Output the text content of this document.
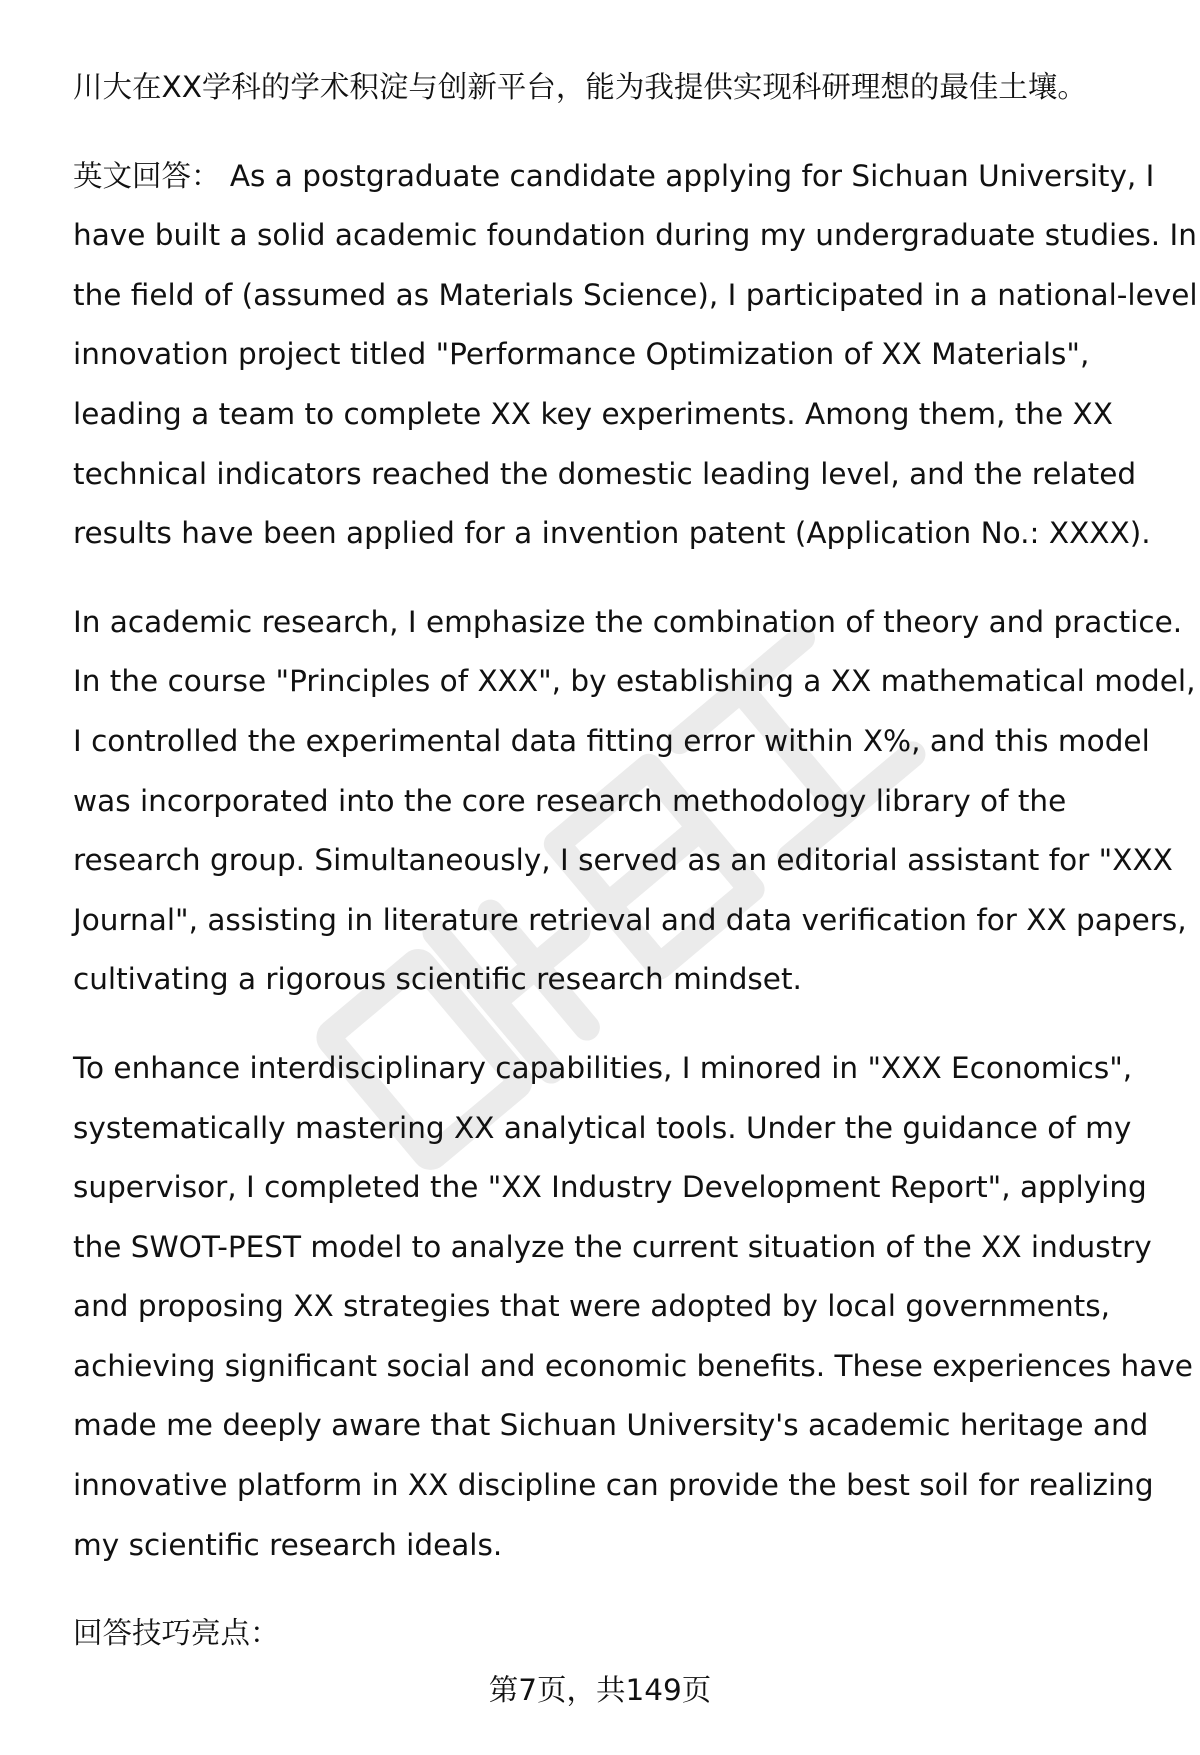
川大在XX学科的学术积淀与创新平台，能为我提供实现科研理想的最佳土壤。
英文回答： As a postgraduate candidate applying for Sichuan University, I
have built a solid academic foundation during my undergraduate studies. In
the field of (assumed as Materials Science), I participated in a national-level
innovation project titled "Performance Optimization of XX Materials",
leading a team to complete XX key experiments. Among them, the XX
technical indicators reached the domestic leading level, and the related
results have been applied for a invention patent (Application No.: XXXX).
In academic research, I emphasize the combination of theory and practice.
In the course "Principles of XXX", by establishing a XX mathematical model,
I controlled the experimental data fitting error within X%, and this model
was incorporated into the core research methodology library of the
research group. Simultaneously, I served as an editorial assistant for "XXX
Journal", assisting in literature retrieval and data verification for XX papers,
cultivating a rigorous scientific research mindset.
To enhance interdisciplinary capabilities, I minored in "XXX Economics",
systematically mastering XX analytical tools. Under the guidance of my
supervisor, I completed the "XX Industry Development Report", applying
the SWOT-PEST model to analyze the current situation of the XX industry
and proposing XX strategies that were adopted by local governments,
achieving significant social and economic benefits. These experiences have
made me deeply aware that Sichuan University's academic heritage and
innovative platform in XX discipline can provide the best soil for realizing
my scientific research ideals.
回答技巧亮点：
第7页，共149页
